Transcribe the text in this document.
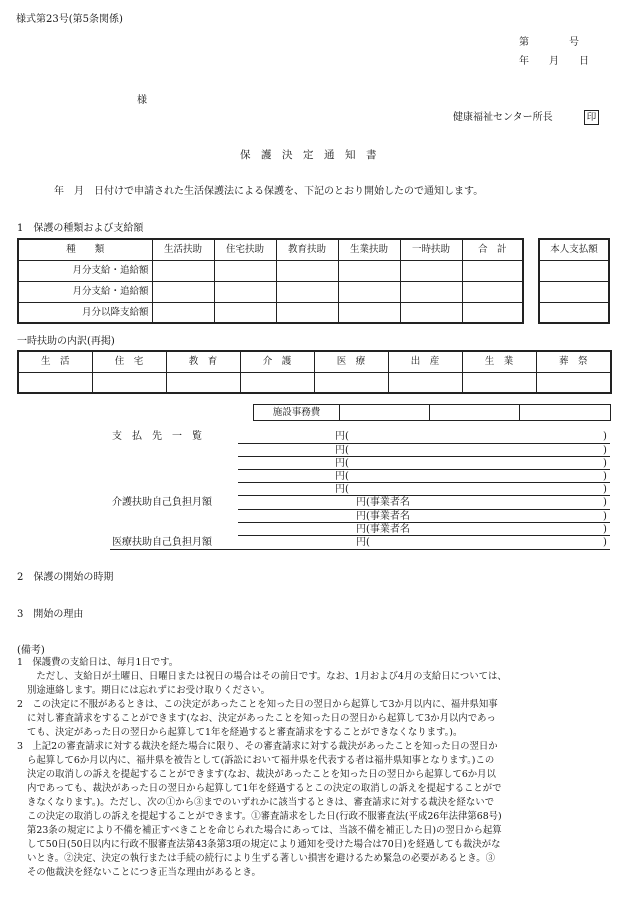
様式第23号(第5条関係)
第　　　　号
年　　月　　日
様
健康福祉センター所長	印
保　護　決　定　通　知　書
年　月　日付けで申請された生活保護法による保護を、下記のとおり開始したので通知します。
1　保護の種類および支給額
種　　類	生活扶助	住宅扶助	教育扶助	生業扶助	一時扶助	合　計
月分支給・追給額						
月分支給・追給額						
月分以降支給額						
本人支払額

一時扶助の内訳(再掲)
生　活	住　宅	教　育	介　護	医　療	出　産	生　業	葬　祭

施設事務費			
支　払　先　一　覧	円(	)
円(	)
円(	)
円(	)
円(	)
介護扶助自己負担月額	円(事業者名	)
円(事業者名	)
円(事業者名	)
医療扶助自己負担月額	円(	)
2　保護の開始の時期
3　開始の理由
(備考)
1　保護費の支給日は、毎月1日です。
　ただし、支給日が土曜日、日曜日または祝日の場合はその前日です。なお、1月および4月の支給日については、
別途連絡します。期日には忘れずにお受け取りください。
2　この決定に不服があるときは、この決定があったことを知った日の翌日から起算して3か月以内に、福井県知事
に対し審査請求をすることができます(なお、決定があったことを知った日の翌日から起算して3か月以内であっ
ても、決定があった日の翌日から起算して1年を経過すると審査請求をすることができなくなります。)。
3　上記2の審査請求に対する裁決を経た場合に限り、その審査請求に対する裁決があったことを知った日の翌日か
ら起算して6か月以内に、福井県を被告として(訴訟において福井県を代表する者は福井県知事となります。)この
決定の取消しの訴えを提起することができます(なお、裁決があったことを知った日の翌日から起算して6か月以
内であっても、裁決があった日の翌日から起算して1年を経過するとこの決定の取消しの訴えを提起することがで
きなくなります。)。ただし、次の①から③までのいずれかに該当するときは、審査請求に対する裁決を経ないで
この決定の取消しの訴えを提起することができます。①審査請求をした日(行政不服審査法(平成26年法律第68号)
第23条の規定により不備を補正すべきことを命じられた場合にあっては、当該不備を補正した日)の翌日から起算
して50日(50日以内に行政不服審査法第43条第3項の規定により通知を受けた場合は70日)を経過しても裁決がな
いとき。②決定、決定の執行または手続の続行により生ずる著しい損害を避けるため緊急の必要があるとき。③
その他裁決を経ないことにつき正当な理由があるとき。
